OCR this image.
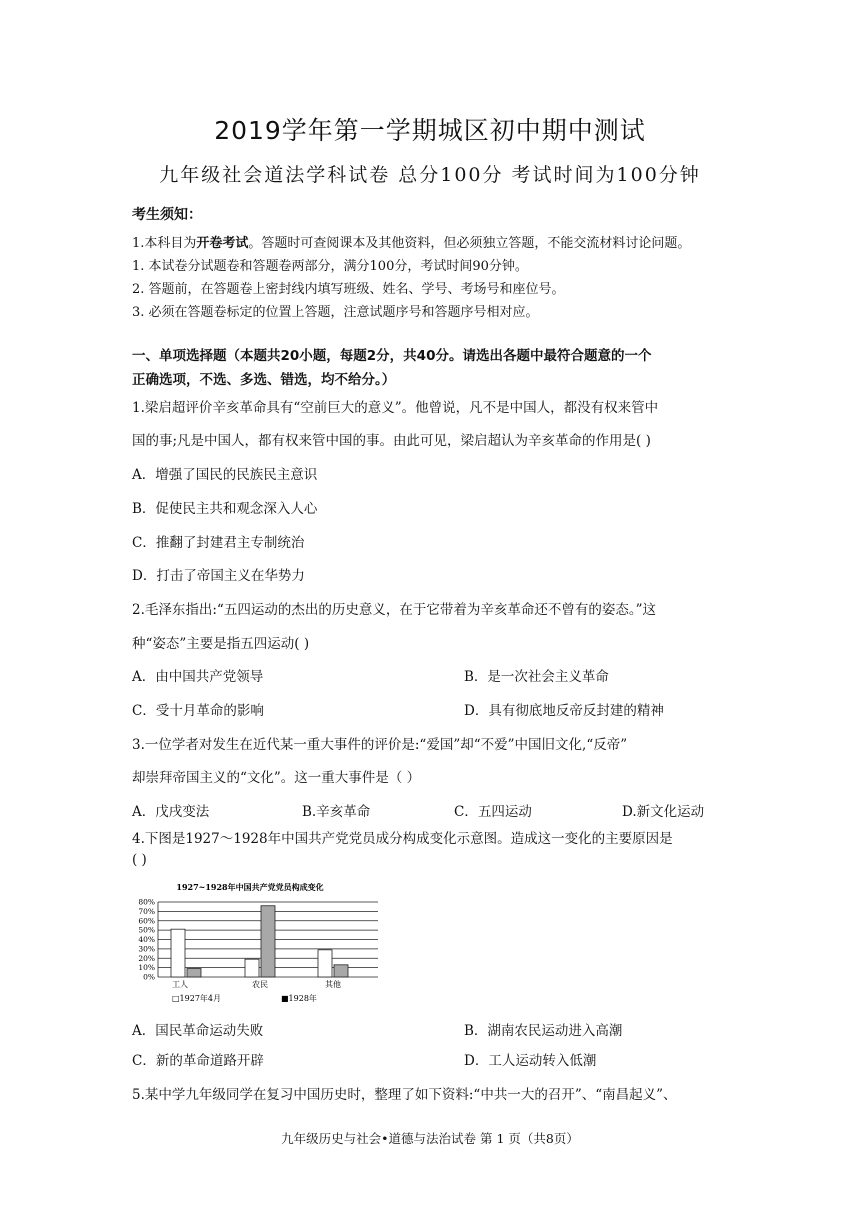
2019学年第一学期城区初中期中测试
九年级社会道法学科试卷 总分100分 考试时间为100分钟
考生须知：
1.本科目为开卷考试。答题时可查阅课本及其他资料，但必须独立答题，不能交流材料讨论问题。
1. 本试卷分试题卷和答题卷两部分，满分100分，考试时间90分钟。
2. 答题前，在答题卷上密封线内填写班级、姓名、学号、考场号和座位号。
3. 必须在答题卷标定的位置上答题，注意试题序号和答题序号相对应。
一、单项选择题（本题共20小题，每题2分，共40分。请选出各题中最符合题意的一个
正确选项，不选、多选、错选，均不给分。）
1.梁启超评价辛亥革命具有“空前巨大的意义”。他曾说，凡不是中国人，都没有权来管中
国的事;凡是中国人，都有权来管中国的事。由此可见，梁启超认为辛亥革命的作用是( )
A．增强了国民的民族民主意识
B．促使民主共和观念深入人心
C．推翻了封建君主专制统治
D．打击了帝国主义在华势力
2.毛泽东指出:“五四运动的杰出的历史意义，在于它带着为辛亥革命还不曾有的姿态。”这
种“姿态”主要是指五四运动( )
A．由中国共产党领导	B．是一次社会主义革命
C．受十月革命的影响	D．具有彻底地反帝反封建的精神
3.一位学者对发生在近代某一重大事件的评价是:“爱国”却“不爱”中国旧文化,“反帝”
却崇拜帝国主义的“文化”。这一重大事件是（ ）
A．戊戌变法	B.辛亥革命	C．五四运动	D.新文化运动
4.下图是1927～1928年中国共产党党员成分构成变化示意图。造成这一变化的主要原因是
( )
1927~1928年中国共产党党员构成变化
80%
70%
60%
50%
40%
30%
20%
10%
0%
工人	农民	其他
□1927年4月	■1928年
A．国民革命运动失败	B．湖南农民运动进入高潮
C．新的革命道路开辟	D．工人运动转入低潮
5.某中学九年级同学在复习中国历史时，整理了如下资料:“中共一大的召开”、“南昌起义”、
九年级历史与社会•道德与法治试卷 第 1 页（共8页）
